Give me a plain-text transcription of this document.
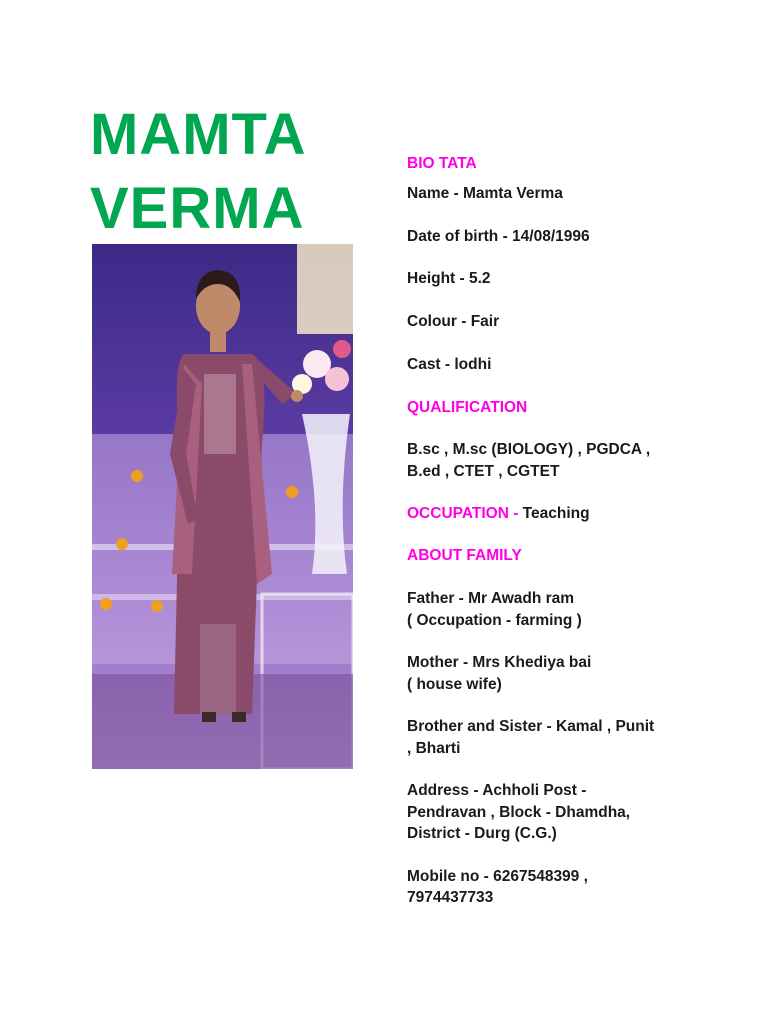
MAMTA
VERMA
BIO TATA
Name - Mamta Verma
Date of birth - 14/08/1996
Height - 5.2
Colour - Fair
Cast - lodhi
QUALIFICATION
B.sc , M.sc (BIOLOGY) , PGDCA ,
B.ed , CTET , CGTET
OCCUPATION - Teaching
ABOUT FAMILY
Father - Mr Awadh ram
( Occupation - farming )
Mother - Mrs Khediya bai
( house wife)
Brother and Sister - Kamal , Punit
, Bharti
Address - Achholi Post -
Pendravan , Block - Dhamdha,
District - Durg (C.G.)
Mobile no - 6267548399 ,
7974437733
